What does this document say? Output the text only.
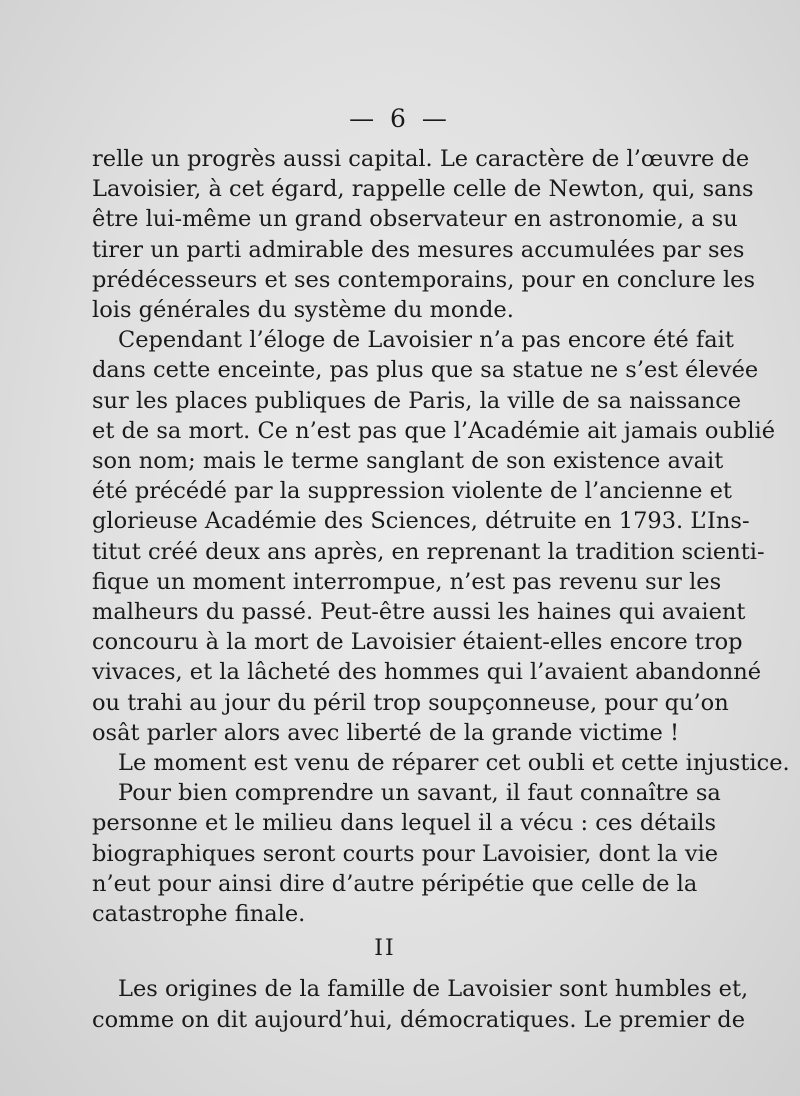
— 6 —
relle un progrès aussi capital. Le caractère de l’œuvre de
Lavoisier, à cet égard, rappelle celle de Newton, qui, sans
être lui-même un grand observateur en astronomie, a su
tirer un parti admirable des mesures accumulées par ses
prédécesseurs et ses contemporains, pour en conclure les
lois générales du système du monde.
Cependant l’éloge de Lavoisier n’a pas encore été fait
dans cette enceinte, pas plus que sa statue ne s’est élevée
sur les places publiques de Paris, la ville de sa naissance
et de sa mort. Ce n’est pas que l’Académie ait jamais oublié
son nom; mais le terme sanglant de son existence avait
été précédé par la suppression violente de l’ancienne et
glorieuse Académie des Sciences, détruite en 1793. L’Ins-
titut créé deux ans après, en reprenant la tradition scienti-
fique un moment interrompue, n’est pas revenu sur les
malheurs du passé. Peut-être aussi les haines qui avaient
concouru à la mort de Lavoisier étaient-elles encore trop
vivaces, et la lâcheté des hommes qui l’avaient abandonné
ou trahi au jour du péril trop soupçonneuse, pour qu’on
osât parler alors avec liberté de la grande victime !
Le moment est venu de réparer cet oubli et cette injustice.
Pour bien comprendre un savant, il faut connaître sa
personne et le milieu dans lequel il a vécu : ces détails
biographiques seront courts pour Lavoisier, dont la vie
n’eut pour ainsi dire d’autre péripétie que celle de la
catastrophe finale.
II
Les origines de la famille de Lavoisier sont humbles et,
comme on dit aujourd’hui, démocratiques. Le premier de
